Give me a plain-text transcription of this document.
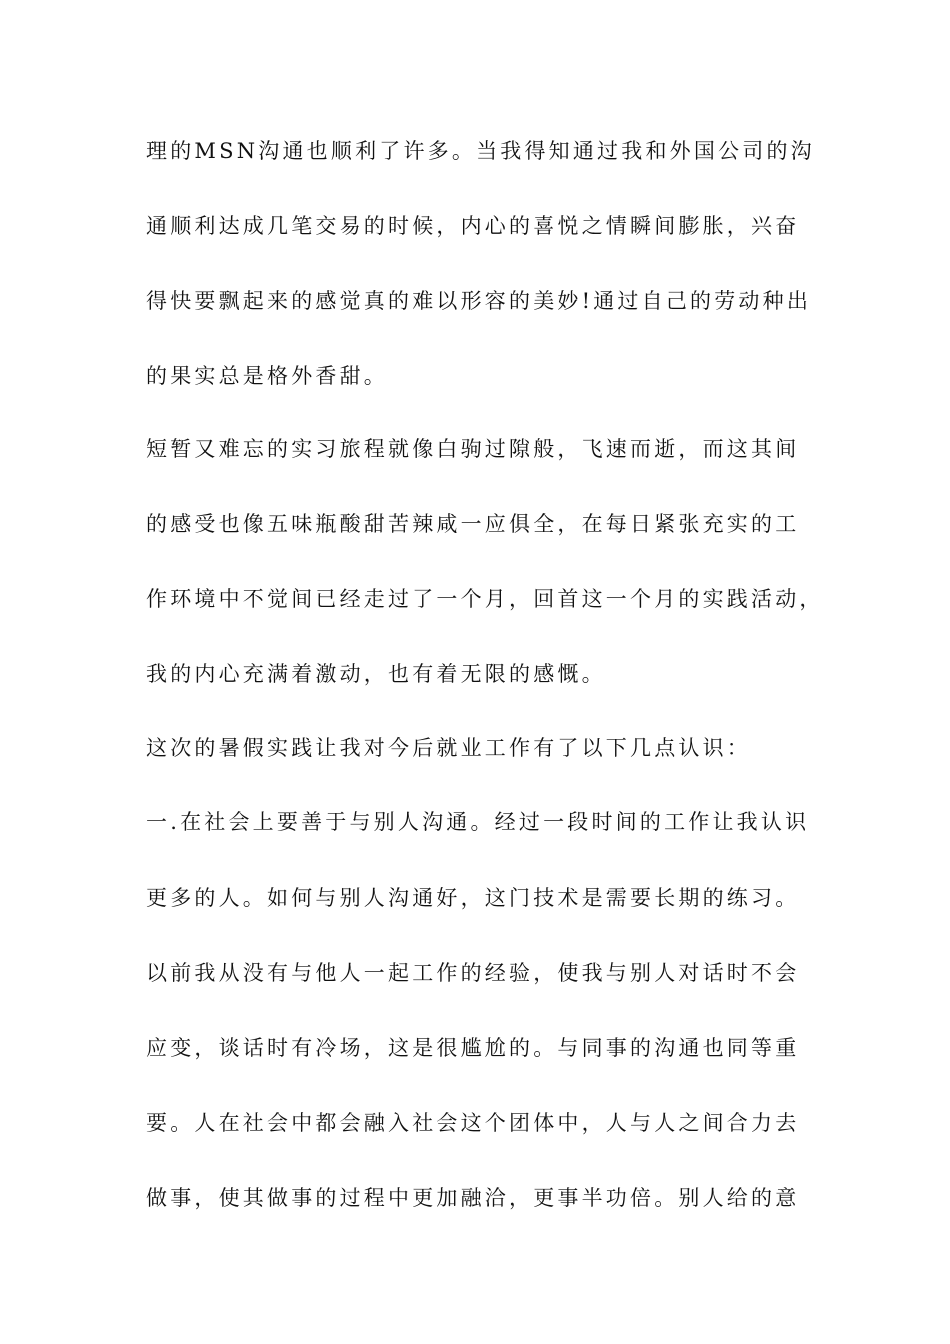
理的MSN沟通也顺利了许多。当我得知通过我和外国公司的沟
通顺利达成几笔交易的时候，内心的喜悦之情瞬间膨胀，兴奋
得快要飘起来的感觉真的难以形容的美妙!通过自己的劳动种出
的果实总是格外香甜。
短暂又难忘的实习旅程就像白驹过隙般，飞速而逝，而这其间
的感受也像五味瓶酸甜苦辣咸一应俱全，在每日紧张充实的工
作环境中不觉间已经走过了一个月，回首这一个月的实践活动，
我的内心充满着激动，也有着无限的感慨。
这次的暑假实践让我对今后就业工作有了以下几点认识：
一.在社会上要善于与别人沟通。经过一段时间的工作让我认识
更多的人。如何与别人沟通好，这门技术是需要长期的练习。
以前我从没有与他人一起工作的经验，使我与别人对话时不会
应变，谈话时有冷场，这是很尴尬的。与同事的沟通也同等重
要。人在社会中都会融入社会这个团体中，人与人之间合力去
做事，使其做事的过程中更加融洽，更事半功倍。别人给的意
